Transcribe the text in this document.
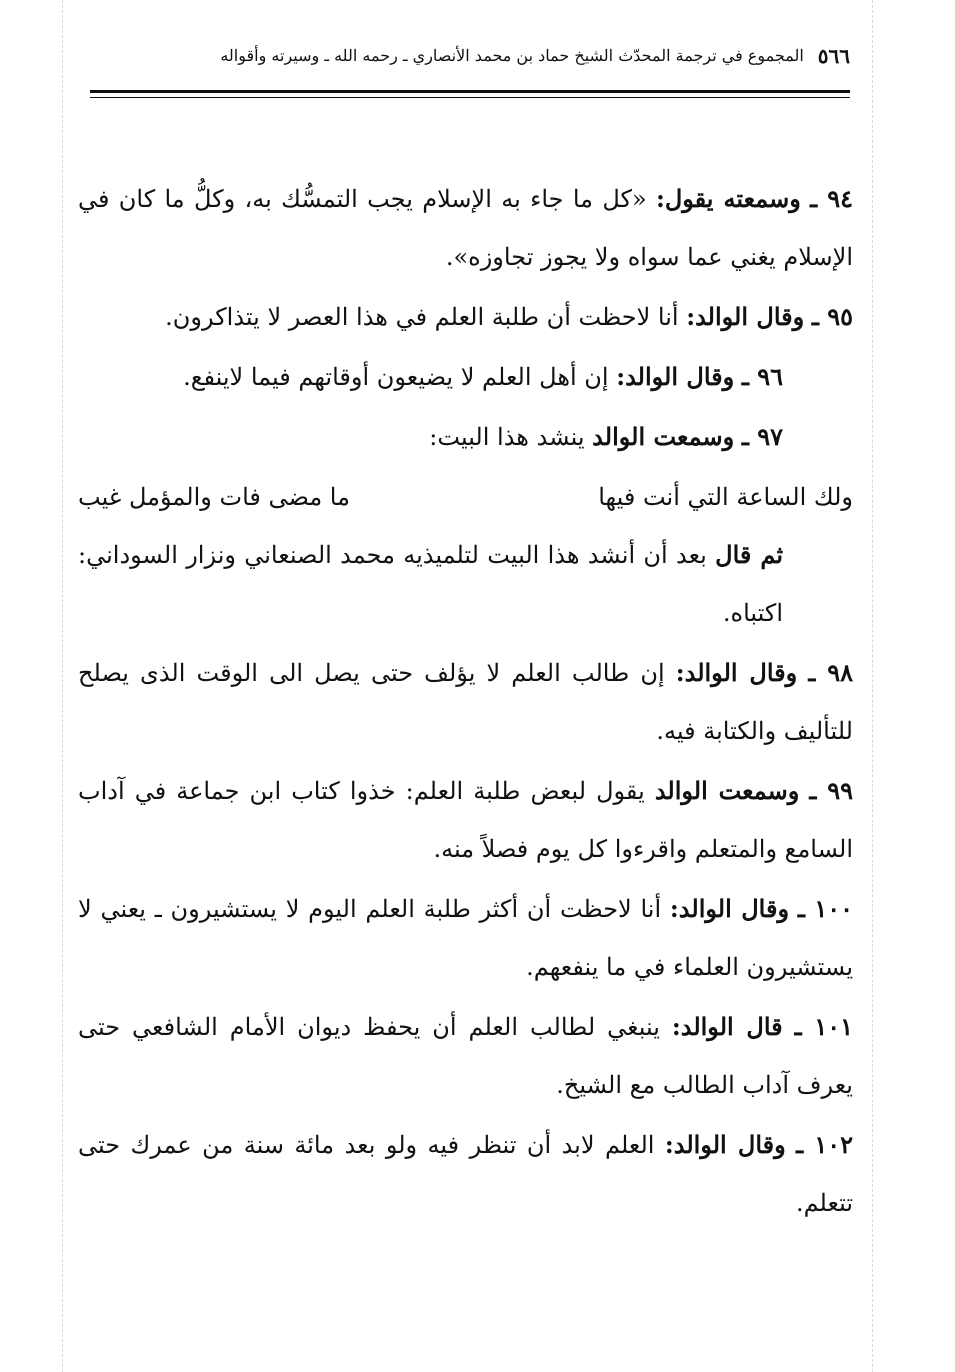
٥٦٦
المجموع في ترجمة المحدّث الشيخ حماد بن محمد الأنصاري ـ رحمه الله ـ وسيرته وأقواله

٩٤ ـ وسمعته يقول: «كل ما جاء به الإسلام يجب التمسُّك به، وكلُّ ما كان في الإسلام يغني عما سواه ولا يجوز تجاوزه».

٩٥ ـ وقال الوالد: أنا لاحظت أن طلبة العلم في هذا العصر لا يتذاكرون.

٩٦ ـ وقال الوالد: إن أهل العلم لا يضيعون أوقاتهم فيما لاينفع.

٩٧ ـ وسمعت الوالد ينشد هذا البيت:

ولك الساعة التي أنت فيها
ما مضى فات والمؤمل غيب

ثم قال بعد أن أنشد هذا البيت لتلميذيه محمد الصنعاني ونزار السوداني: اكتباه.

٩٨ ـ وقال الوالد: إن طالب العلم لا يؤلف حتى يصل الى الوقت الذى يصلح للتأليف والكتابة فيه.

٩٩ ـ وسمعت الوالد يقول لبعض طلبة العلم: خذوا كتاب ابن جماعة في آداب السامع والمتعلم واقرءوا كل يوم فصلاً منه.

١٠٠ ـ وقال الوالد: أنا لاحظت أن أكثر طلبة العلم اليوم لا يستشيرون ـ يعني لا يستشيرون العلماء في ما ينفعهم.

١٠١ ـ قال الوالد: ينبغي لطالب العلم أن يحفظ ديوان الأمام الشافعي حتى يعرف آداب الطالب مع الشيخ.

١٠٢ ـ وقال الوالد: العلم لابد أن تنظر فيه ولو بعد مائة سنة من عمرك حتى تتعلم.
